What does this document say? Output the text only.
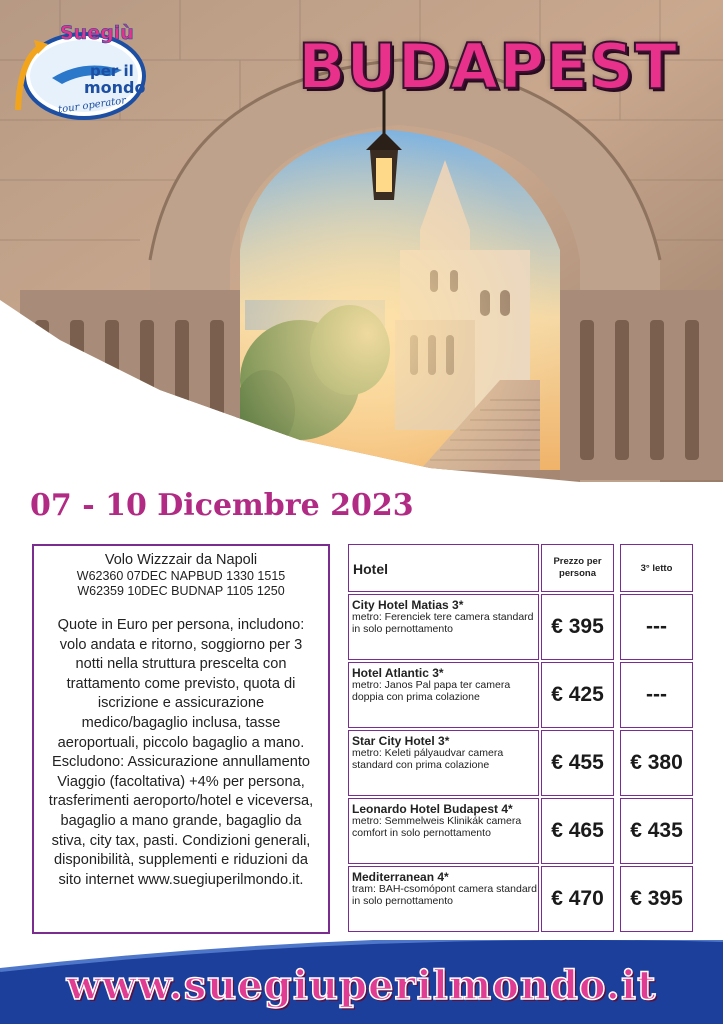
Suegiù
per il
mondo
tour operator
BUDAPEST
07 - 10 Dicembre 2023
Volo Wizzzair da Napoli
W62360 07DEC NAPBUD 1330 1515
W62359 10DEC BUDNAP 1105 1250
Quote in Euro per persona, includono: volo andata e ritorno, soggiorno per 3 notti nella struttura prescelta con trattamento come previsto, quota di iscrizione e assicurazione medico/bagaglio inclusa, tasse aeroportuali, piccolo bagaglio a mano. Escludono: Assicurazione annullamento Viaggio (facoltativa) +4% per persona, trasferimenti aeroporto/hotel e viceversa, bagaglio a mano grande, bagaglio da stiva, city tax, pasti. Condizioni generali, disponibilità, supplementi e riduzioni da sito internet www.suegiuperilmondo.it.
Hotel	Prezzo per persona	3° letto
City Hotel Matias 3*
metro: Ferenciek tere camera standard in solo pernottamento	€ 395	---
Hotel Atlantic 3*
metro: Janos Pal papa ter camera doppia con prima colazione	€ 425	---
Star City Hotel 3*
metro: Keleti pályaudvar camera standard con prima colazione	€ 455	€ 380
Leonardo Hotel Budapest 4*
metro: Semmelweis Klinikák camera comfort in solo pernottamento	€ 465	€ 435
Mediterranean 4*
tram: BAH-csomópont camera standard in solo pernottamento	€ 470	€ 395
www.suegiuperilmondo.it
